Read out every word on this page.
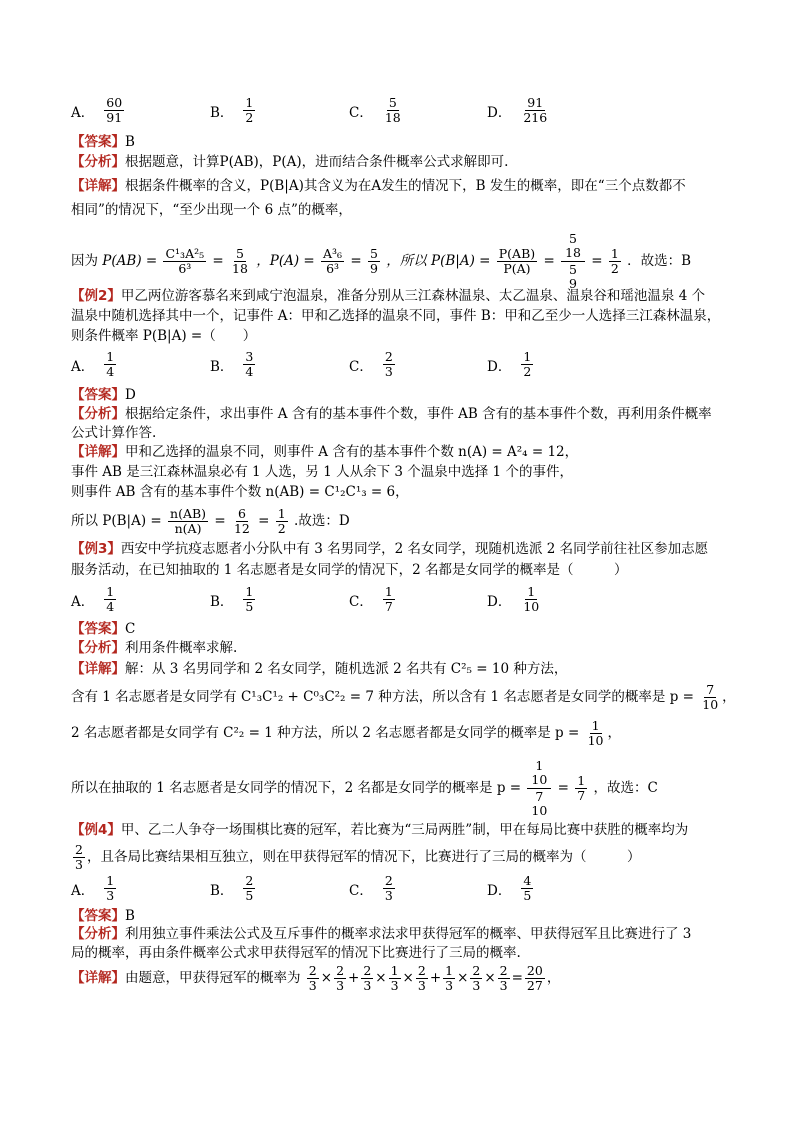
A． $\frac{60}{91}$	B． $\frac{1}{2}$	C． $\frac{5}{18}$	D． $\frac{91}{216}$
【答案】B
【分析】根据题意，计算P(AB)，P(A)，进而结合条件概率公式求解即可.
【详解】根据条件概率的含义，P(B|A)其含义为在A发生的情况下，B 发生的概率，即在“三个点数都不
相同”的情况下，“至少出现一个 6 点”的概率，
因为 $P(AB) = \frac{\text{C¹₃A²₅}}{\text{6³}} = \frac{5}{18}$ ，$P(A) = \frac{\text{A³₆}}{\text{6³}} = \frac{5}{9}$ ，所以 $P(B|A) = \frac{P(AB)}{P(A)} = 5$
18
5
$9 = \frac{1}{2}$ ．故选：B
【例2】甲乙两位游客慕名来到咸宁泡温泉，准备分别从三江森林温泉、太乙温泉、温泉谷和瑶池温泉 4 个
温泉中随机选择其中一个，记事件 A：甲和乙选择的温泉不同，事件 B：甲和乙至少一人选择三江森林温泉，
则条件概率 P(B|A) =（　　）
A． $\frac{1}{4}$	B． $\frac{3}{4}$	C． $\frac{2}{3}$	D． $\frac{1}{2}$
【答案】D
【分析】根据给定条件，求出事件 A 含有的基本事件个数，事件 AB 含有的基本事件个数，再利用条件概率
公式计算作答.
【详解】甲和乙选择的温泉不同，则事件 A 含有的基本事件个数 n(A) = A²₄ = 12，
事件 AB 是三江森林温泉必有 1 人选，另 1 人从余下 3 个温泉中选择 1 个的事件，
则事件 AB 含有的基本事件个数 n(AB) = C¹₂C¹₃ = 6，
所以 $P(B|A) = \frac{n(AB)}{n(A)} = \frac{6}{12} = \frac{1}{2}$ .故选：D
【例3】西安中学抗疫志愿者小分队中有 3 名男同学，2 名女同学，现随机选派 2 名同学前往社区参加志愿
服务活动，在已知抽取的 1 名志愿者是女同学的情况下，2 名都是女同学的概率是（　　　）
A． $\frac{1}{4}$	B． $\frac{1}{5}$	C． $\frac{1}{7}$	D． $\frac{1}{10}$
【答案】C
【分析】利用条件概率求解.
【详解】解：从 3 名男同学和 2 名女同学，随机选派 2 名共有 C²₅ = 10 种方法，
含有 1 名志愿者是女同学有 C¹₃C¹₂ + C⁰₃C²₂ = 7 种方法，所以含有 1 名志愿者是女同学的概率是 $p = \frac{7}{10}$ ，
2 名志愿者都是女同学有 C²₂ = 1 种方法，所以 2 名志愿者都是女同学的概率是 $p = \frac{1}{10}$ ，
所以在抽取的 1 名志愿者是女同学的情况下，2 名都是女同学的概率是 p = 1
10
7
$10 = \frac{1}{7}$ ，故选：C
【例4】甲、乙二人争夺一场围棋比赛的冠军，若比赛为“三局两胜”制，甲在每局比赛中获胜的概率均为
$\frac{2}{3}$ ，且各局比赛结果相互独立，则在甲获得冠军的情况下，比赛进行了三局的概率为（　　　）
A． $\frac{1}{3}$	B． $\frac{2}{5}$	C． $\frac{2}{3}$	D． $\frac{4}{5}$
【答案】B
【分析】利用独立事件乘法公式及互斥事件的概率求法求甲获得冠军的概率、甲获得冠军且比赛进行了 3
局的概率，再由条件概率公式求甲获得冠军的情况下比赛进行了三局的概率.
【详解】由题意，甲获得冠军的概率为 $\frac{2}{3} \times \frac{2}{3} + \frac{2}{3} \times \frac{1}{3} \times \frac{2}{3} + \frac{1}{3} \times \frac{2}{3} \times \frac{2}{3} = \frac{20}{27}$ ，
